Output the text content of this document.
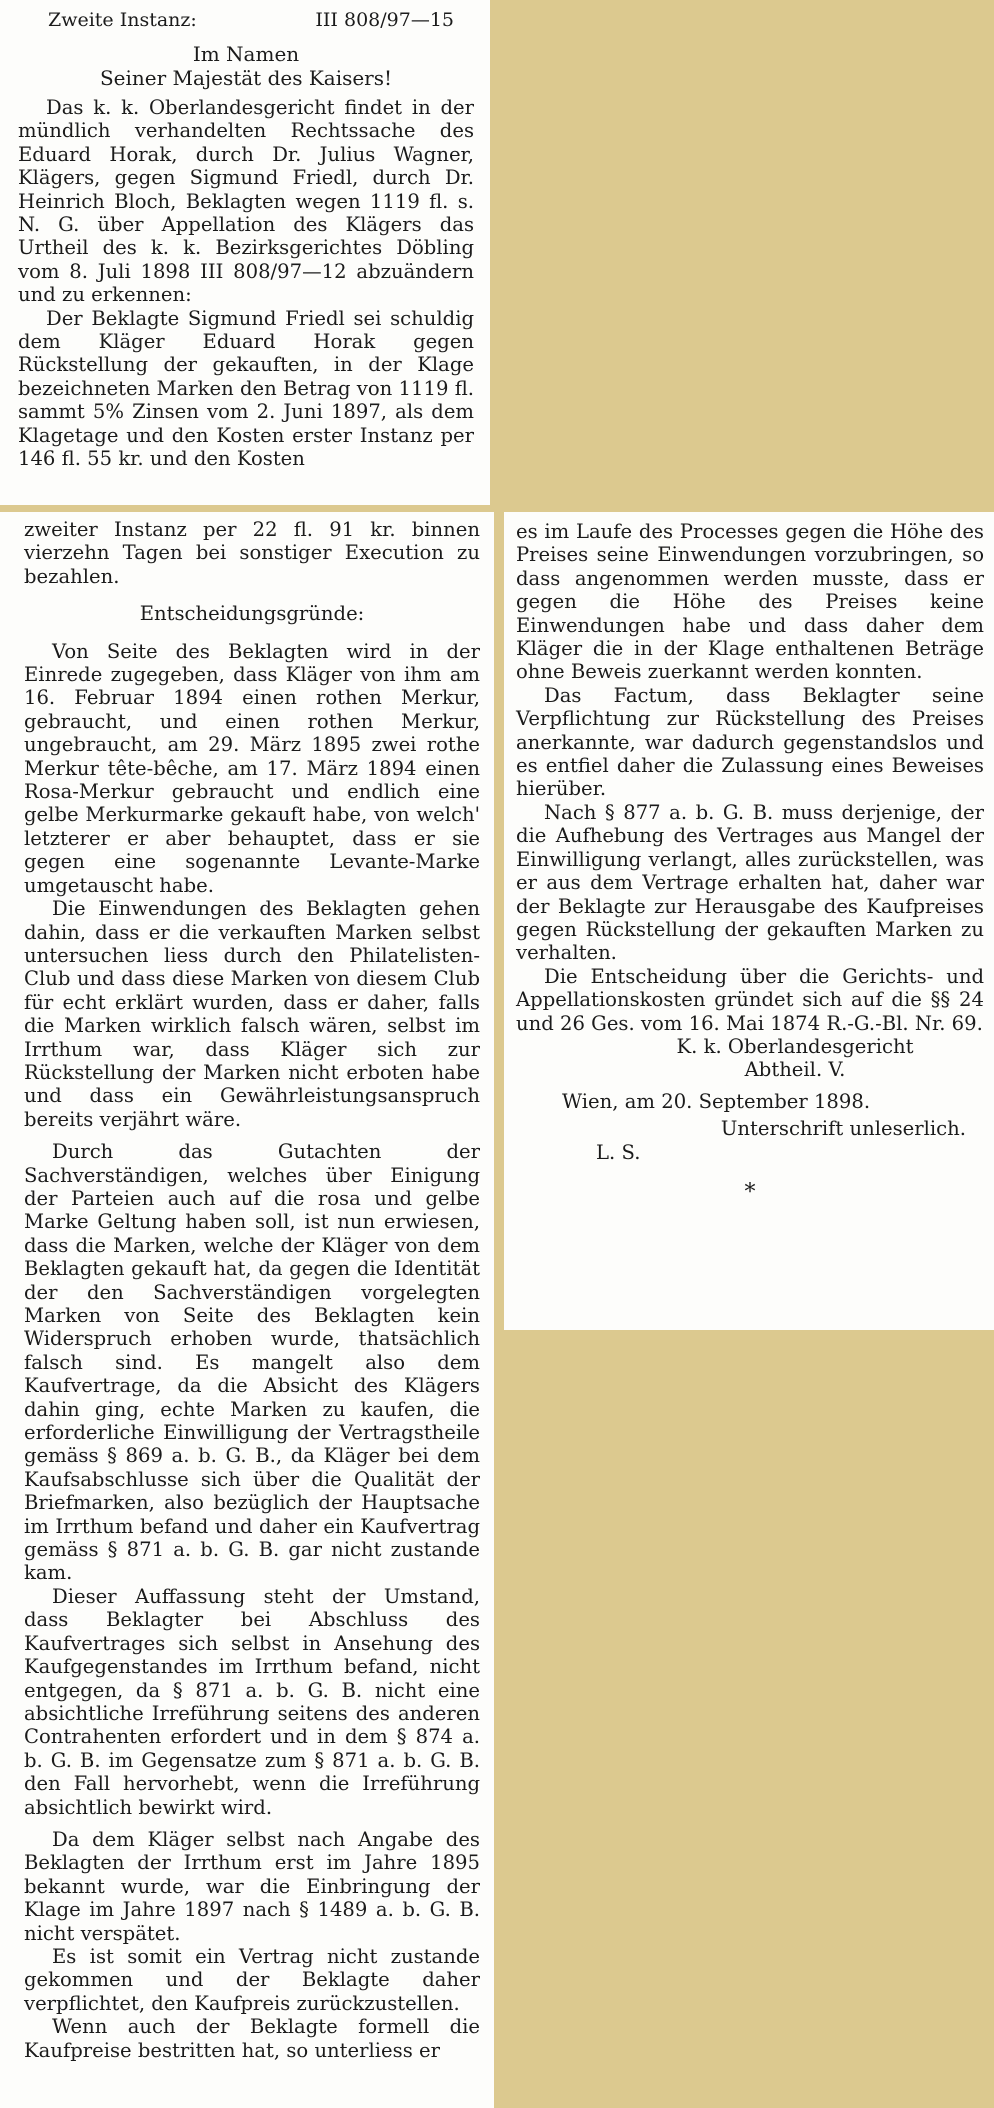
Zweite Instanz:	III 808/97—15
Im Namen
Seiner Majestät des Kaisers!

Das k. k. Oberlandesgericht findet in der mündlich verhandelten Rechtssache des Eduard Horak, durch Dr. Julius Wagner, Klägers, gegen Sigmund Friedl, durch Dr. Heinrich Bloch, Beklagten wegen 1119 fl. s. N. G. über Appellation des Klägers das Urtheil des k. k. Bezirksgerichtes Döbling vom 8. Juli 1898 III 808/97—12 abzuändern und zu erkennen:

Der Beklagte Sigmund Friedl sei schuldig dem Kläger Eduard Horak gegen Rückstellung der gekauften, in der Klage bezeichneten Marken den Betrag von 1119 fl. sammt 5% Zinsen vom 2. Juni 1897, als dem Klagetage und den Kosten erster Instanz per 146 fl. 55 kr. und den Kosten

zweiter Instanz per 22 fl. 91 kr. binnen vierzehn Tagen bei sonstiger Execution zu bezahlen.

Entscheidungsgründe:

Von Seite des Beklagten wird in der Einrede zugegeben, dass Kläger von ihm am 16. Februar 1894 einen rothen Merkur, gebraucht, und einen rothen Merkur, ungebraucht, am 29. März 1895 zwei rothe Merkur tête-bêche, am 17. März 1894 einen Rosa-Merkur gebraucht und endlich eine gelbe Merkurmarke gekauft habe, von welch' letzterer er aber behauptet, dass er sie gegen eine sogenannte Levante-Marke umgetauscht habe.

Die Einwendungen des Beklagten gehen dahin, dass er die verkauften Marken selbst untersuchen liess durch den Philatelisten-Club und dass diese Marken von diesem Club für echt erklärt wurden, dass er daher, falls die Marken wirklich falsch wären, selbst im Irrthum war, dass Kläger sich zur Rückstellung der Marken nicht erboten habe und dass ein Gewährleistungsanspruch bereits verjährt wäre.

Durch das Gutachten der Sachverständigen, welches über Einigung der Parteien auch auf die rosa und gelbe Marke Geltung haben soll, ist nun erwiesen, dass die Marken, welche der Kläger von dem Beklagten gekauft hat, da gegen die Identität der den Sachverständigen vorgelegten Marken von Seite des Beklagten kein Widerspruch erhoben wurde, thatsächlich falsch sind. Es mangelt also dem Kaufvertrage, da die Absicht des Klägers dahin ging, echte Marken zu kaufen, die erforderliche Einwilligung der Vertragstheile gemäss § 869 a. b. G. B., da Kläger bei dem Kaufsabschlusse sich über die Qualität der Briefmarken, also bezüglich der Hauptsache im Irrthum befand und daher ein Kaufvertrag gemäss § 871 a. b. G. B. gar nicht zustande kam.

Dieser Auffassung steht der Umstand, dass Beklagter bei Abschluss des Kaufvertrages sich selbst in Ansehung des Kaufgegenstandes im Irrthum befand, nicht entgegen, da § 871 a. b. G. B. nicht eine absichtliche Irreführung seitens des anderen Contrahenten erfordert und in dem § 874 a. b. G. B. im Gegensatze zum § 871 a. b. G. B. den Fall hervorhebt, wenn die Irreführung absichtlich bewirkt wird.

Da dem Kläger selbst nach Angabe des Beklagten der Irrthum erst im Jahre 1895 bekannt wurde, war die Einbringung der Klage im Jahre 1897 nach § 1489 a. b. G. B. nicht verspätet.

Es ist somit ein Vertrag nicht zustande gekommen und der Beklagte daher verpflichtet, den Kaufpreis zurückzustellen.

Wenn auch der Beklagte formell die Kaufpreise bestritten hat, so unterliess er

es im Laufe des Processes gegen die Höhe des Preises seine Einwendungen vorzubringen, so dass angenommen werden musste, dass er gegen die Höhe des Preises keine Einwendungen habe und dass daher dem Kläger die in der Klage enthaltenen Beträge ohne Beweis zuerkannt werden konnten.

Das Factum, dass Beklagter seine Verpflichtung zur Rückstellung des Preises anerkannte, war dadurch gegenstandslos und es entfiel daher die Zulassung eines Beweises hierüber.

Nach § 877 a. b. G. B. muss derjenige, der die Aufhebung des Vertrages aus Mangel der Einwilligung verlangt, alles zurückstellen, was er aus dem Vertrage erhalten hat, daher war der Beklagte zur Herausgabe des Kaufpreises gegen Rückstellung der gekauften Marken zu verhalten.

Die Entscheidung über die Gerichts- und Appellationskosten gründet sich auf die §§ 24 und 26 Ges. vom 16. Mai 1874 R.-G.-Bl. Nr. 69.

K. k. Oberlandesgericht
Abtheil. V.
Wien, am 20. September 1898.
Unterschrift unleserlich.
L. S.
*
